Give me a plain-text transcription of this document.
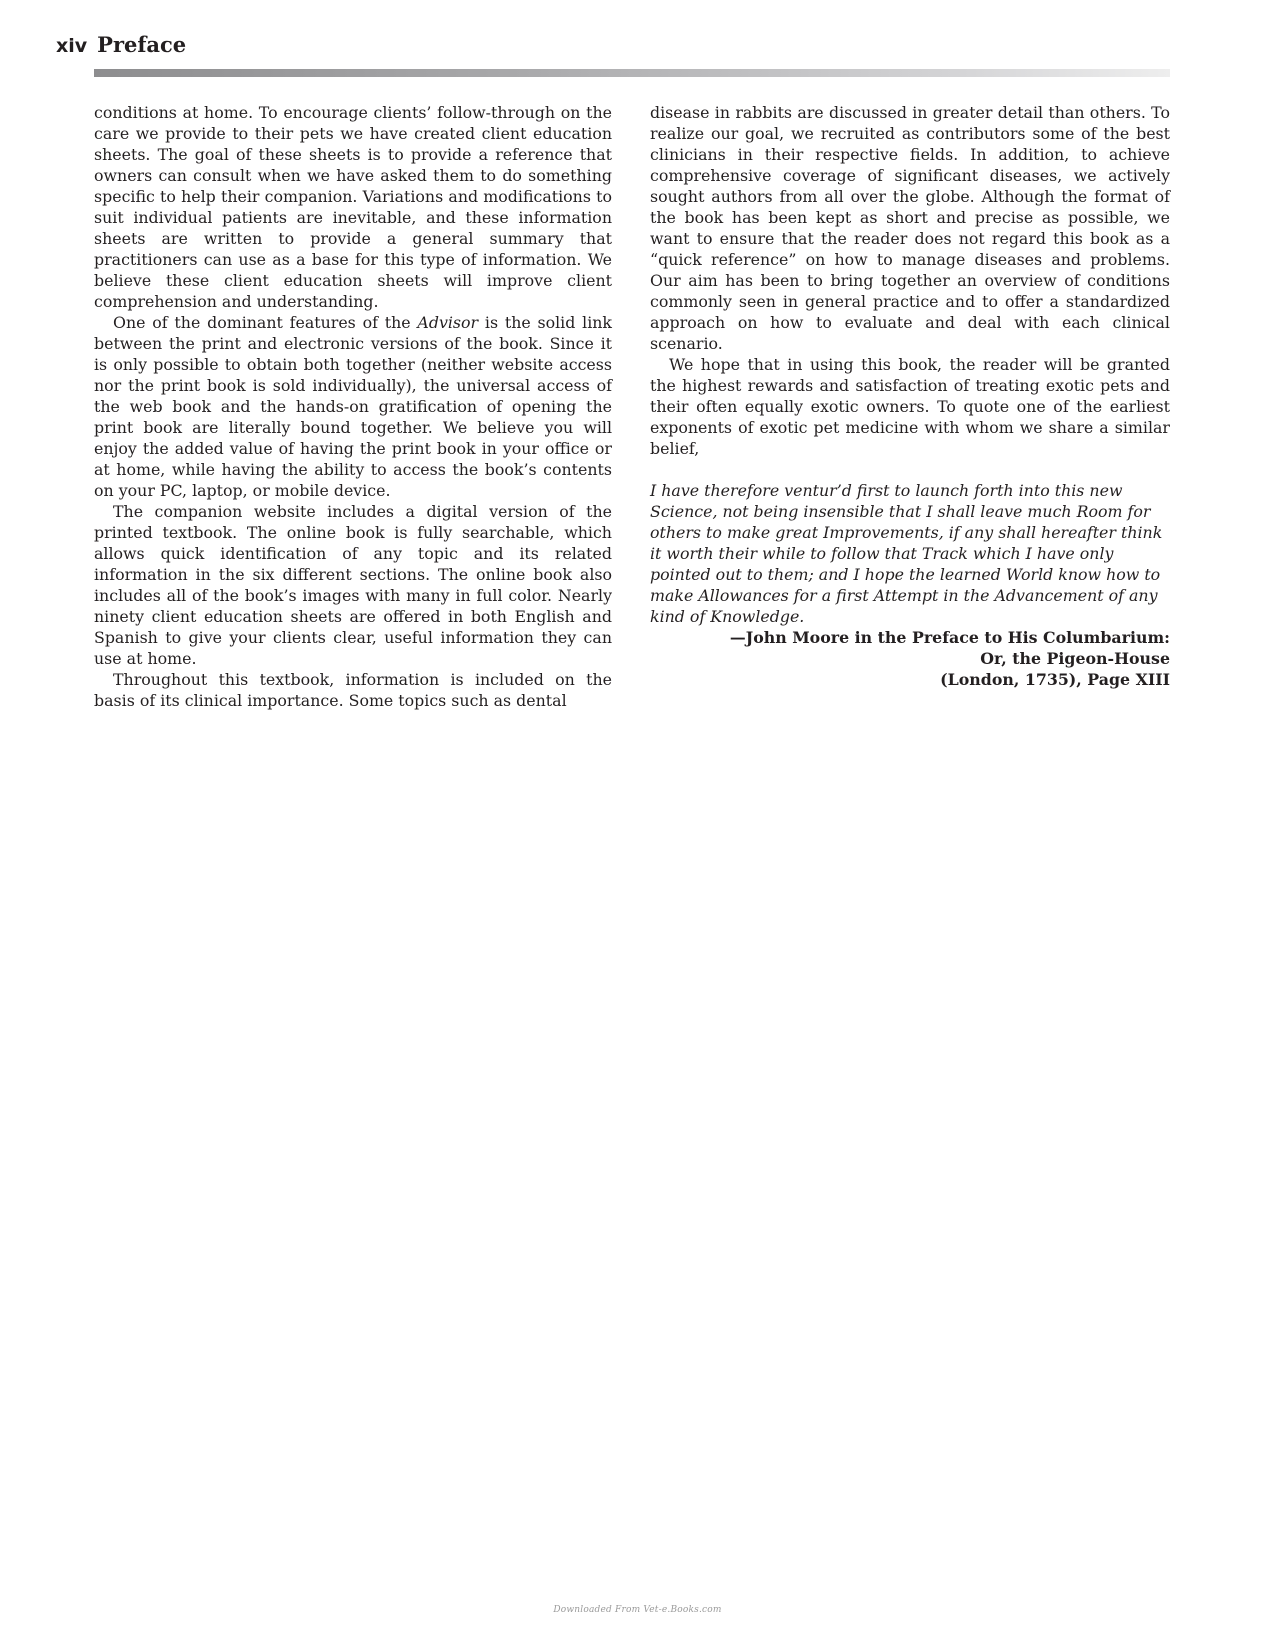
xiv Preface

conditions at home. To encourage clients’ follow-through on the care we provide to their pets we have created client education sheets. The goal of these sheets is to provide a reference that owners can consult when we have asked them to do something specific to help their companion. Variations and modifications to suit individual patients are inevitable, and these information sheets are written to provide a general summary that practitioners can use as a base for this type of information. We believe these client education sheets will improve client comprehension and understanding.

One of the dominant features of the Advisor is the solid link between the print and electronic versions of the book. Since it is only possible to obtain both together (neither website access nor the print book is sold individually), the universal access of the web book and the hands-on gratification of opening the print book are literally bound together. We believe you will enjoy the added value of having the print book in your office or at home, while having the ability to access the book’s contents on your PC, laptop, or mobile device.

The companion website includes a digital version of the printed textbook. The online book is fully searchable, which allows quick identification of any topic and its related information in the six different sections. The online book also includes all of the book’s images with many in full color. Nearly ninety client education sheets are offered in both English and Spanish to give your clients clear, useful information they can use at home.

Throughout this textbook, information is included on the basis of its clinical importance. Some topics such as dental

disease in rabbits are discussed in greater detail than others. To realize our goal, we recruited as contributors some of the best clinicians in their respective fields. In addition, to achieve comprehensive coverage of significant diseases, we actively sought authors from all over the globe. Although the format of the book has been kept as short and precise as possible, we want to ensure that the reader does not regard this book as a “quick reference” on how to manage diseases and problems. Our aim has been to bring together an overview of conditions commonly seen in general practice and to offer a standardized approach on how to evaluate and deal with each clinical scenario.

We hope that in using this book, the reader will be granted the highest rewards and satisfaction of treating exotic pets and their often equally exotic owners. To quote one of the earliest exponents of exotic pet medicine with whom we share a similar belief,

I have therefore ventur’d first to launch forth into this new Science, not being insensible that I shall leave much Room for others to make great Improvements, if any shall hereafter think it worth their while to follow that Track which I have only pointed out to them; and I hope the learned World know how to make Allowances for a first Attempt in the Advancement of any kind of Knowledge.

—John Moore in the Preface to His Columbarium:
Or, the Pigeon-House
(London, 1735), Page XIII

Downloaded From Vet-e.Books.com
